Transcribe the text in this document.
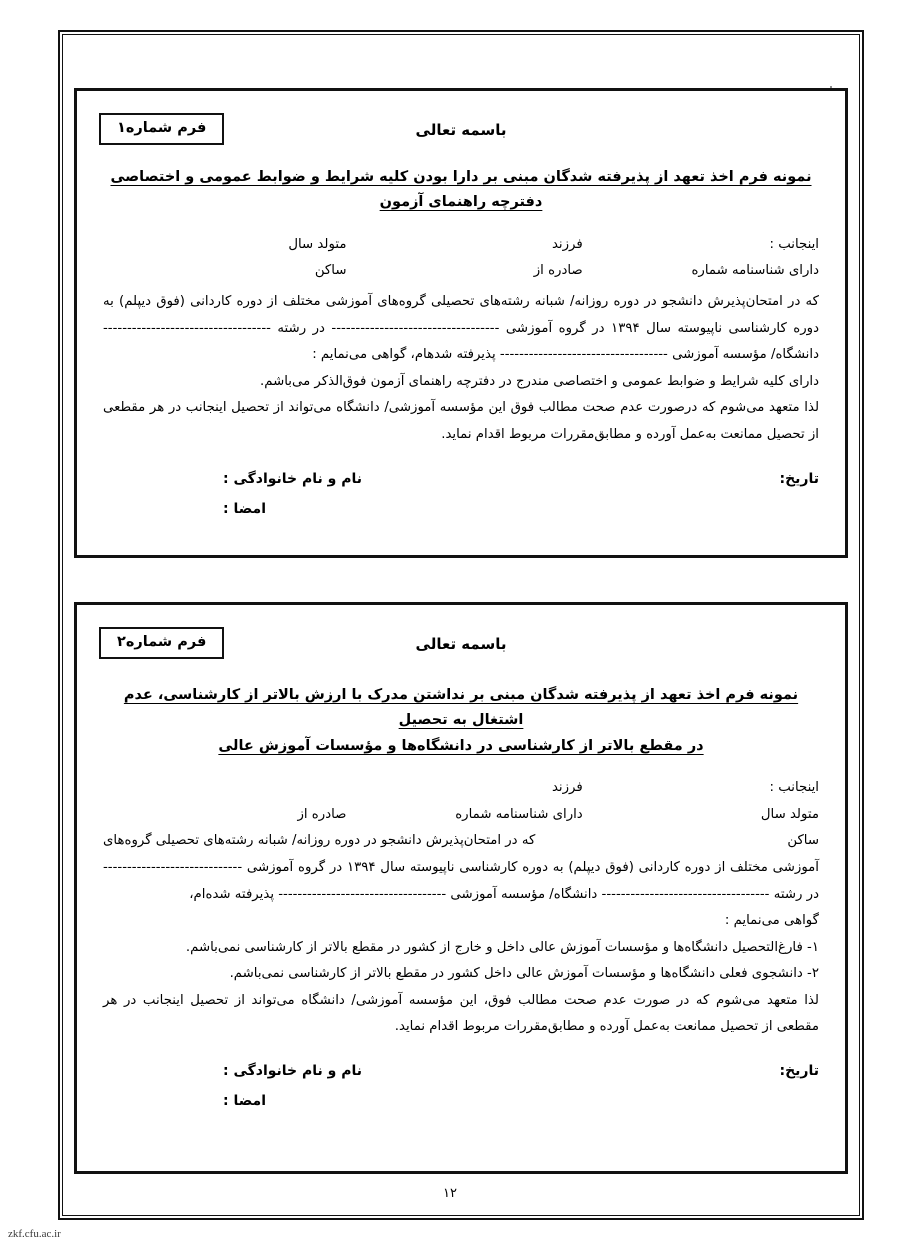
فرم شماره۱	باسمه تعالی
نمونه فرم اخذ تعهد از پذیرفته شدگان مبنی بر دارا بودن کلیه شرایط و ضوابط عمومی و اختصاصی دفترچه راهنمای آزمون
اینجانب :
فرزند
متولد سال
دارای شناسنامه شماره
صادره از
ساکن

که در امتحان‌پذیرش دانشجو در دوره روزانه/ شبانه رشته‌های تحصیلی گروه‌های آموزشی مختلف از دوره کاردانی (فوق دیپلم) به دوره کارشناسی ناپیوسته سال ۱۳۹۴ در گروه آموزشی ----------------------------------- در رشته ----------------------------------- دانشگاه/ مؤسسه آموزشی ----------------------------------- پذیرفته شدهام، گواهی می‌نمایم :

دارای کلیه شرایط و ضوابط عمومی و اختصاصی مندرج در دفترچه راهنمای آزمون فوق‌الذکر می‌باشم.

لذا متعهد می‌شوم که درصورت عدم صحت مطالب فوق این مؤسسه آموزشی/ دانشگاه می‌تواند از تحصیل اینجانب در هر مقطعی از تحصیل ممانعت به‌عمل آورده و مطابق‌مقررات مربوط اقدام نماید.

تاریخ:
نام و نام خانوادگی :
امضا :
فرم شماره۲	باسمه تعالی
نمونه فرم اخذ تعهد از پذیرفته شدگان مبنی بر نداشتن مدرک با ارزش بالاتر از کارشناسی، عدم اشتغال به تحصیل
در مقطع بالاتر از کارشناسی در دانشگاه‌ها و مؤسسات آموزش عالی
اینجانب :
فرزند
متولد سال
دارای شناسنامه شماره
صادره از
ساکن
که در امتحان‌پذیرش دانشجو در دوره روزانه/ شبانه رشته‌های تحصیلی گروه‌های

آموزشی مختلف از دوره کاردانی (فوق دیپلم) به دوره کارشناسی ناپیوسته سال ۱۳۹۴ در گروه آموزشی ----------------------------- در رشته ----------------------------------- دانشگاه/ مؤسسه آموزشی ----------------------------------- پذیرفته شده‌ام،

گواهی می‌نمایم :

۱- فارغ‌التحصیل دانشگاه‌ها و مؤسسات آموزش عالی داخل و خارج از کشور در مقطع بالاتر از کارشناسی نمی‌باشم.
۲- دانشجوی فعلی دانشگاه‌ها و مؤسسات آموزش عالی داخل کشور در مقطع بالاتر از کارشناسی نمی‌باشم.

لذا متعهد می‌شوم که در صورت عدم صحت مطالب فوق، این مؤسسه آموزشی/ دانشگاه می‌تواند از تحصیل اینجانب در هر مقطعی از تحصیل ممانعت به‌عمل آورده و مطابق‌مقررات مربوط اقدام نماید.

تاریخ:
نام و نام خانوادگی :
امضا :
۱۲
zkf.cfu.ac.ir
